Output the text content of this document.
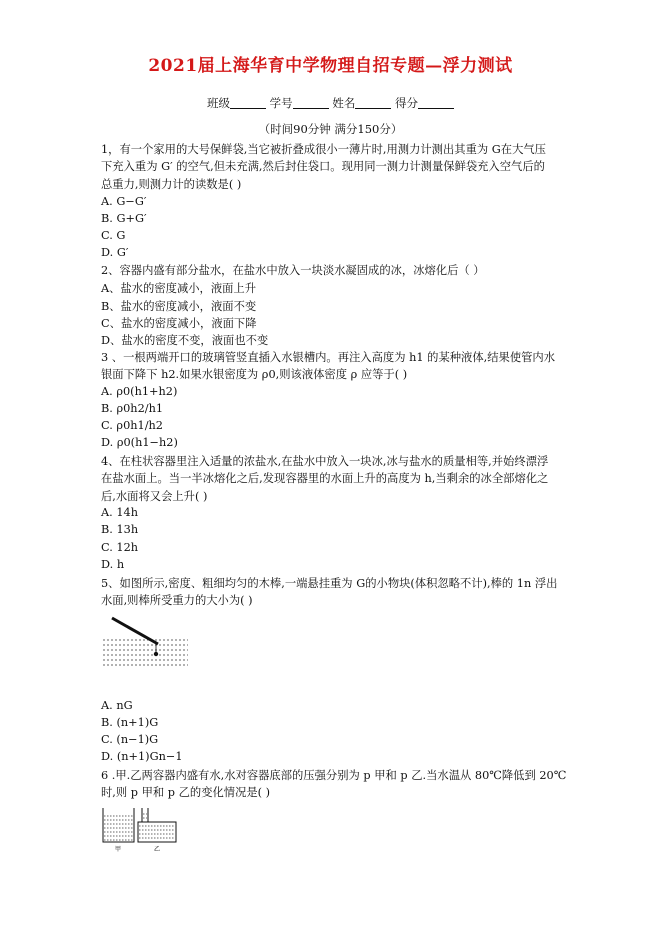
2021届上海华育中学物理自招专题—浮力测试
班级	学号	姓名	得分
（时间90分钟 满分150分）
1，有一个家用的大号保鲜袋,当它被折叠成很小一薄片时,用测力计测出其重为 G在大气压
下充入重为 G′ 的空气,但未充满,然后封住袋口。现用同一测力计测量保鲜袋充入空气后的
总重力,则测力计的读数是( )
A. G−G′
B. G+G′
C. G
D. G′
2、容器内盛有部分盐水，在盐水中放入一块淡水凝固成的冰，冰熔化后（ ）
A、盐水的密度减小，液面上升
B、盐水的密度减小，液面不变
C、盐水的密度减小，液面下降
D、盐水的密度不变，液面也不变
3 、一根两端开口的玻璃管竖直插入水银槽内。再注入高度为 h1 的某种液体,结果使管内水
银面下降下 h2.如果水银密度为 ρ0,则该液体密度 ρ 应等于( )
A. ρ0(h1+h2)
B. ρ0h2/h1
C. ρ0h1/h2
D. ρ0(h1−h2)
4、在柱状容器里注入适量的浓盐水,在盐水中放入一块冰,冰与盐水的质量相等,并始终漂浮
在盐水面上。当一半冰熔化之后,发现容器里的水面上升的高度为 h,当剩余的冰全部熔化之
后,水面将又会上升( )
A. 14h
B. 13h
C. 12h
D. h
5、如图所示,密度、粗细均匀的木棒,一端悬挂重为 G的小物块(体积忽略不计),棒的 1n 浮出
水面,则棒所受重力的大小为( )
A. nG
B. (n+1)G
C. (n−1)G
D. (n+1)Gn−1
6 .甲.乙两容器内盛有水,水对容器底部的压强分别为 p 甲和 p 乙.当水温从 80℃降低到 20℃
时,则 p 甲和 p 乙的变化情况是( )
甲	乙
